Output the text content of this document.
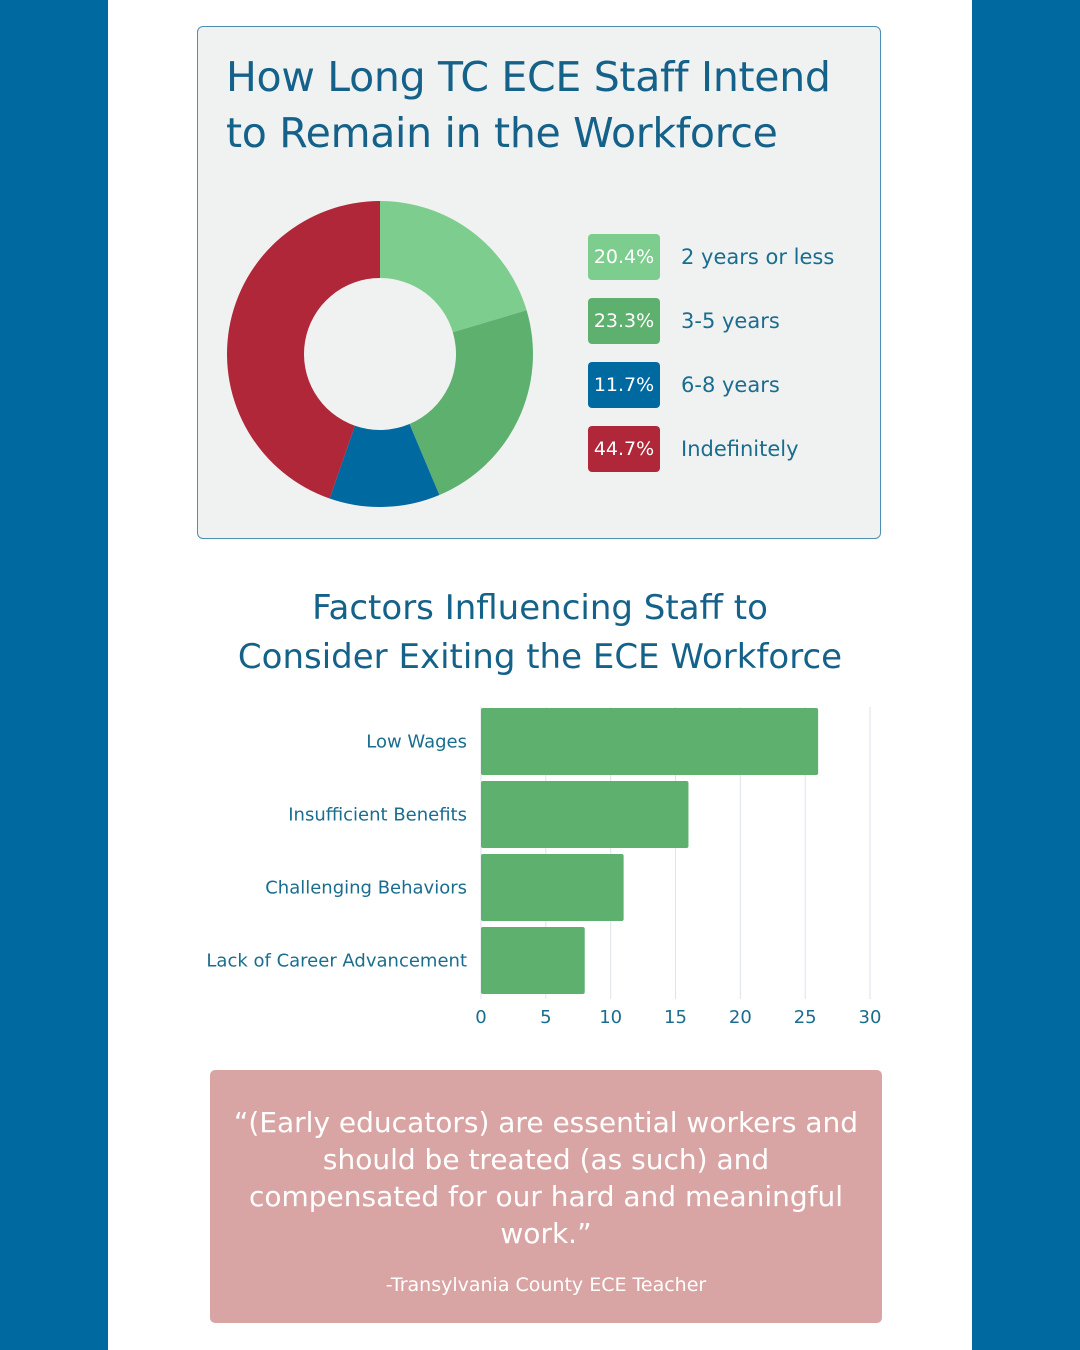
How Long TC ECE Staff Intend
to Remain in the Workforce
20.4% 2 years or less
23.3% 3-5 years
11.7% 6-8 years
44.7% Indefinitely
Factors Influencing Staff to
Consider Exiting the ECE Workforce
0	5	10 15 20 25 30
Low Wages
Insufficient Benefits
Challenging Behaviors
Lack of Career Advancement

“(Early educators) are essential workers and should be treated (as such) and compensated for our hard and meaningful work.”

-Transylvania County ECE Teacher
